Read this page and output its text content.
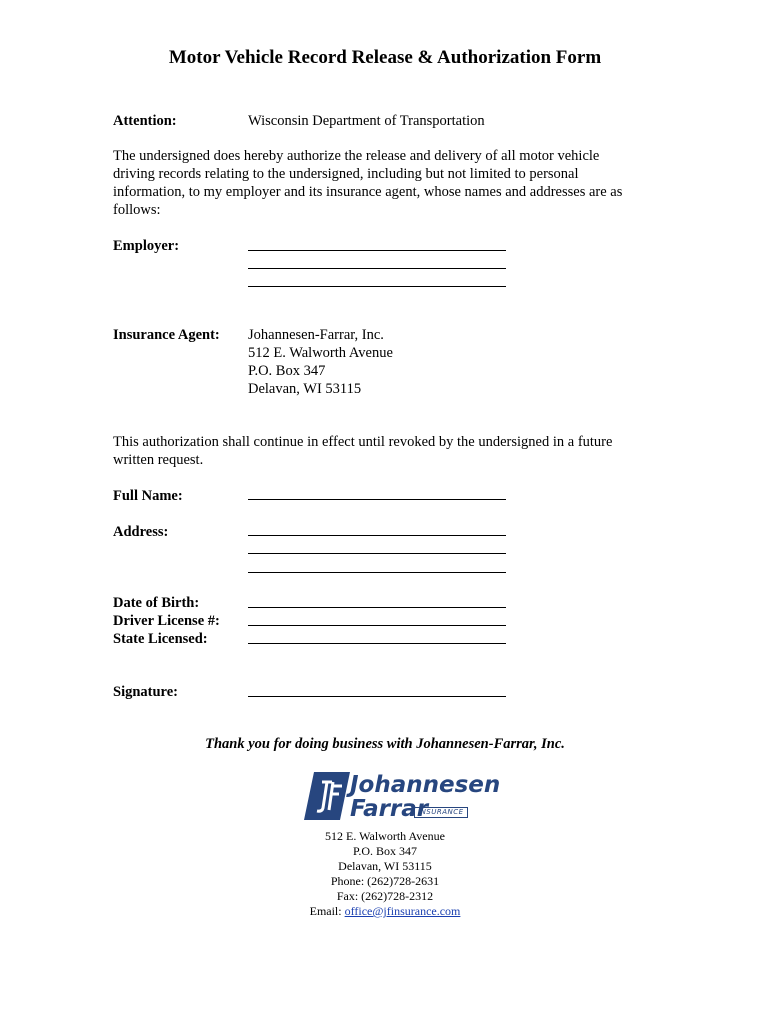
Motor Vehicle Record Release & Authorization Form
Attention:	Wisconsin Department of Transportation
The undersigned does hereby authorize the release and delivery of all motor vehicle
driving records relating to the undersigned, including but not limited to personal
information, to my employer and its insurance agent, whose names and addresses are as
follows:
Employer:
Insurance Agent: Johannesen-Farrar, Inc.
512 E. Walworth Avenue
P.O. Box 347
Delavan, WI 53115
This authorization shall continue in effect until revoked by the undersigned in a future
written request.
Full Name:
Address:
Date of Birth:
Driver License #:
State Licensed:
Signature:
Thank you for doing business with Johannesen-Farrar, Inc.
Johannesen
Farrar
INSURANCE
512 E. Walworth Avenue
P.O. Box 347
Delavan, WI 53115
Phone: (262)728-2631
Fax: (262)728-2312
Email: office@jfinsurance.com
